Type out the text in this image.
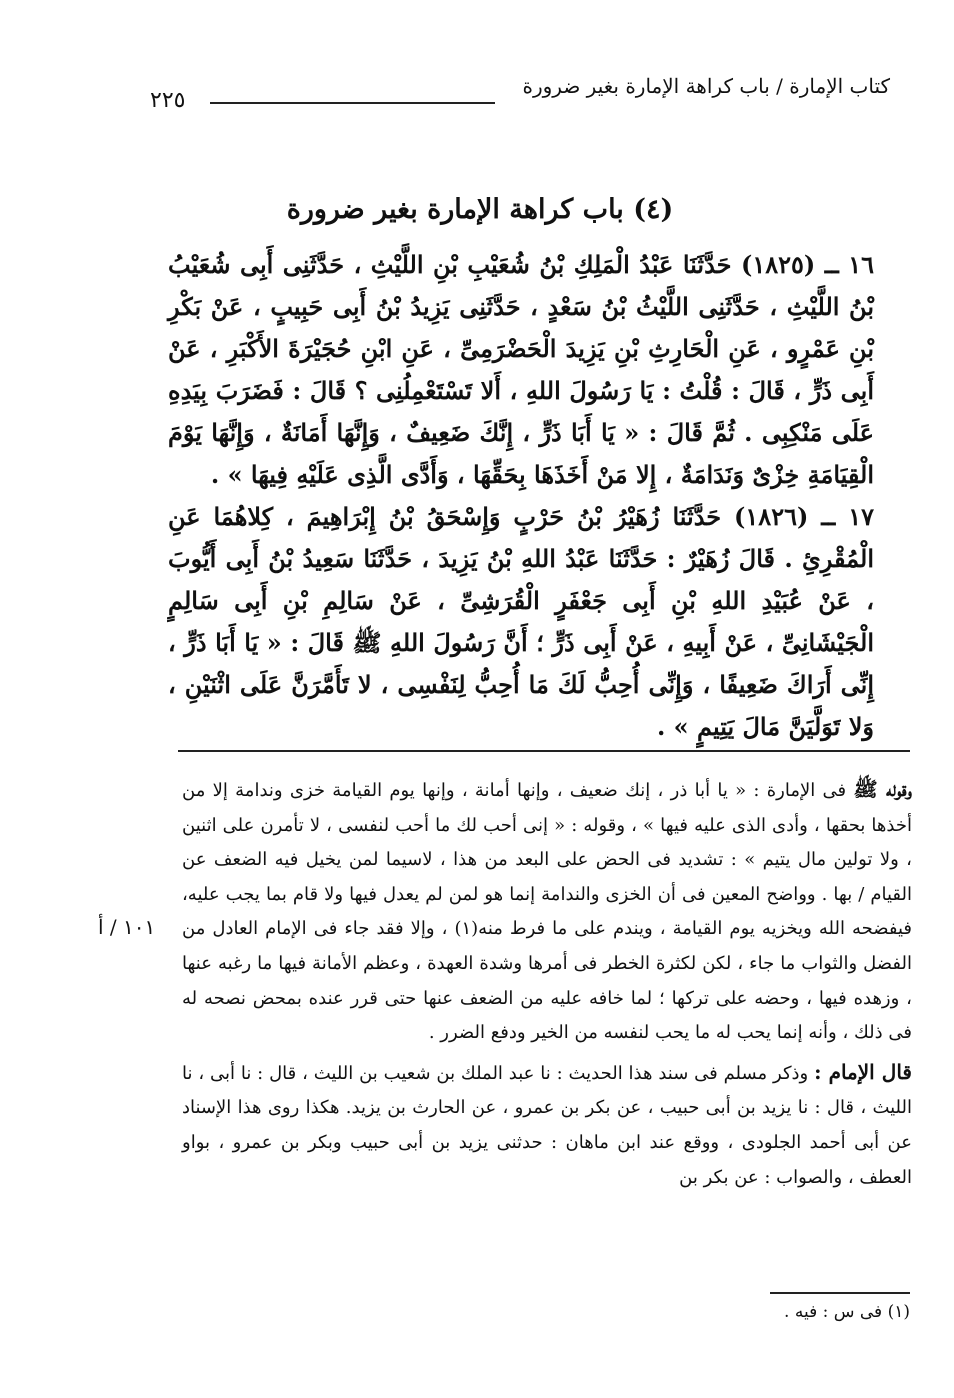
كتاب الإمارة / باب كراهة الإمارة بغير ضرورة
٢٢٥
(٤) باب كراهة الإمارة بغير ضرورة

١٦ ــ (١٨٢٥) حَدَّثَنَا عَبْدُ الْمَلِكِ بْنُ شُعَيْبِ بْنِ اللَّيْثِ ، حَدَّثَنِى أَبِى شُعَيْبُ بْنُ اللَّيْثِ ، حَدَّثَنِى اللَّيْثُ بْنُ سَعْدٍ ، حَدَّثَنِى يَزِيدُ بْنُ أَبِى حَبِيبٍ ، عَنْ بَكْرِ بْنِ عَمْرٍو ، عَنِ الْحَارِثِ بْنِ يَزِيدَ الْحَضْرَمِىِّ ، عَنِ ابْنِ حُجَيْرَةَ الأَكْبَرِ ، عَنْ أَبِى ذَرٍّ ، قَالَ : قُلْتُ : يَا رَسُولَ اللهِ ، أَلا تَسْتَعْمِلُنِى ؟ قَالَ : فَضَرَبَ بِيَدِهِ عَلَى مَنْكِبِى . ثُمَّ قَالَ : « يَا أَبَا ذَرٍّ ، إِنَّكَ ضَعِيفٌ ، وَإِنَّهَا أَمَانَةٌ ، وَإِنَّهَا يَوْمَ الْقِيَامَةِ خِزْىٌ وَنَدَامَةٌ ، إِلا مَنْ أَخَذَهَا بِحَقِّهَا ، وَأَدَّى الَّذِى عَلَيْهِ فِيهَا » .

١٧ ــ (١٨٢٦) حَدَّثَنَا زُهَيْرُ بْنُ حَرْبٍ وَإِسْحَقُ بْنُ إِبْرَاهِيمَ ، كِلاهُمَا عَنِ الْمُقْرِئِ . قَالَ زُهَيْرٌ : حَدَّثَنَا عَبْدُ اللهِ بْنُ يَزِيدَ ، حَدَّثَنَا سَعِيدُ بْنُ أَبِى أَيُّوبَ ، عَنْ عُبَيْدِ اللهِ بْنِ أَبِى جَعْفَرٍ الْقُرَشِىِّ ، عَنْ سَالِمِ بْنِ أَبِى سَالِمٍ الْجَيْشَانِىِّ ، عَنْ أَبِيهِ ، عَنْ أَبِى ذَرٍّ ؛ أَنَّ رَسُولَ اللهِ ﷺ قَالَ : « يَا أَبَا ذَرٍّ ، إِنِّى أَرَاكَ ضَعِيفًا ، وَإِنِّى أُحِبُّ لَكَ مَا أُحِبُّ لِنَفْسِى ، لا تَأَمَّرَنَّ عَلَى اثْنَيْنِ ، وَلا تَوَلَّيَنَّ مَالَ يَتِيمٍ » .

وقوله ﷺ فى الإمارة : « يا أبا ذر ، إنك ضعيف ، وإنها أمانة ، وإنها يوم القيامة خزى وندامة إلا من أخذها بحقها ، وأدى الذى عليه فيها » ، وقوله : « إنى أحب لك ما أحب لنفسى ، لا تأمرن على اثنين ، ولا تولين مال يتيم » : تشديد فى الحض على البعد من هذا ، لاسيما لمن يخيل فيه الضعف عن القيام / بها . وواضح المعين فى أن الخزى والندامة إنما هو لمن لم يعدل فيها ولا قام بما يجب عليه، فيفضحه الله ويخزيه يوم القيامة ، ويندم على ما فرط منه(١) ، وإلا فقد جاء فى الإمام العادل من الفضل والثواب ما جاء ، لكن لكثرة الخطر فى أمرها وشدة العهدة ، وعظم الأمانة فيها ما رغبه عنها ، وزهده فيها ، وحضه على تركها ؛ لما خافه عليه من الضعف عنها حتى قرر عنده بمحض نصحه له فى ذلك ، وأنه إنما يحب له ما يحب لنفسه من الخير ودفع الضرر .

قال الإمام : وذكر مسلم فى سند هذا الحديث : نا عبد الملك بن شعيب بن الليث ، قال : نا أبى ، نا الليث ، قال : نا يزيد بن أبى حبيب ، عن بكر بن عمرو ، عن الحارث بن يزيد. هكذا روى هذا الإسناد عن أبى أحمد الجلودى ، ووقع عند ابن ماهان : حدثنى يزيد بن أبى حبيب وبكر بن عمرو ، بواو العطف ، والصواب : عن بكر بن

١٠١ / أ
(١) فى س : فيه .
